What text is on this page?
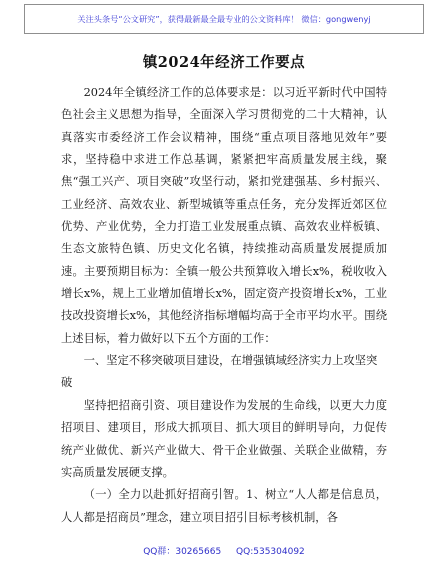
关注头条号“公文研究”，获得最新最全最专业的公文资料库！ 微信：gongwenyj
镇2024年经济工作要点

2024年全镇经济工作的总体要求是：以习近平新时代中国特色社会主义思想为指导，全面深入学习贯彻党的二十大精神，认真落实市委经济工作会议精神，围绕“重点项目落地见效年”要求，坚持稳中求进工作总基调，紧紧把牢高质量发展主线，聚焦“强工兴产、项目突破”攻坚行动，紧扣党建强基、乡村振兴、工业经济、高效农业、新型城镇等重点任务，充分发挥近郊区位优势、产业优势，全力打造工业发展重点镇、高效农业样板镇、生态文旅特色镇、历史文化名镇，持续推动高质量发展提质加速。主要预期目标为：全镇一般公共预算收入增长x%，税收收入增长x%，规上工业增加值增长x%，固定资产投资增长x%，工业技改投资增长x%，其他经济指标增幅均高于全市平均水平。围绕上述目标，着力做好以下五个方面的工作：

一、坚定不移突破项目建设，在增强镇域经济实力上攻坚突破

坚持把招商引资、项目建设作为发展的生命线，以更大力度招项目、建项目，形成大抓项目、抓大项目的鲜明导向，力促传统产业做优、新兴产业做大、骨干企业做强、关联企业做精，夯实高质量发展硬支撑。

（一）全力以赴抓好招商引智。1、树立“人人都是信息员，人人都是招商员”理念，建立项目招引目标考核机制，各

QQ群：30265665 QQ:535304092
